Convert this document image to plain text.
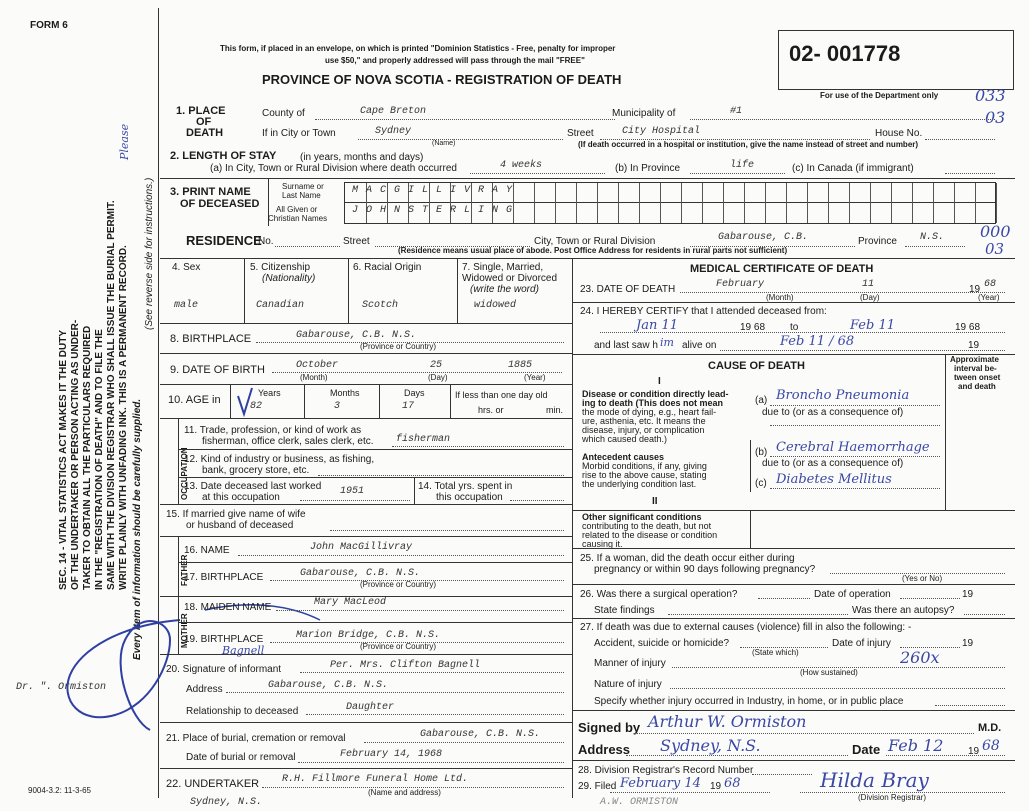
FORM 6
This form, if placed in an envelope, on which is printed "Dominion Statistics - Free, penalty for improper
use $50," and properly addressed will pass through the mail "FREE"
PROVINCE OF NOVA SCOTIA - REGISTRATION OF DEATH
02- 001778
For use of the Department only 033
03
SEC. 14 - VITAL STATISTICS ACT MAKES IT THE DUTY OF THE UNDERTAKER OR PERSON ACTING AS UNDER- TAKER TO OBTAIN ALL THE PARTICULARS REQUIRED IN THE "REGISTRATION OF DEATH" AND TO FILE THE SAME WITH THE DIVISION REGISTRAR WHO SHALL ISSUE THE BURIAL PERMIT. WRITE PLAINLY WITH UNFADING INK. THIS IS A PERMANENT RECORD. Every item of information should be carefully supplied.
(See reverse side for instructions.)
Please
Dr. ". Ormiston
9004-3.2: 11-3-65
1. PLACE
OF
DEATH
County of	Cape Breton	Municipality of	#1
If in City or Town	Sydney
(Name)
Street	City Hospital	House No.
(If death occurred in a hospital or institution, give the name instead of street and number)
2. LENGTH OF STAY (in years, months and days)
(a) In City, Town or Rural Division where death occurred	4 weeks	(b) In Province	life	(c) In Canada (if immigrant)
3. PRINT NAME
OF DECEASED
Surname or
Last Name
All Given or
Christian Names
M A C G I L L I V R A Y
J O H N S T E R L I N G
RESIDENCE
No.	Street	City, Town or Rural Division	Gabarouse, C.B.	Province N.S.
(Residence means usual place of abode. Post Office Address for residents in rural parts not sufficient)
000
03
4. Sex
male
5. Citizenship
(Nationality)
Canadian
6. Racial Origin
Scotch
7. Single, Married,
Widowed or Divorced
(write the word)
widowed
8. BIRTHPLACE	Gabarouse, C.B. N.S.
(Province or Country)
9. DATE OF BIRTH	October	25	1885
(Month)	(Day)	(Year)
10. AGE in
Years	Months	Days
82	3	17
If less than one day old
hrs. or	min.
OCCUPATION
11. Trade, profession, or kind of work as
fisherman, office clerk, sales clerk, etc. fisherman
12. Kind of industry or business, as fishing,
bank, grocery store, etc.
13. Date deceased last worked
at this occupation
1951	14. Total yrs. spent in
this occupation
15. If married give name of wife
or husband of deceased
FATHER
16. NAME	John MacGillivray
17. BIRTHPLACE	Gabarouse, C.B. N.S.
(Province or Country)
MOTHER
18. MAIDEN NAME	Mary MacLeod
19. BIRTHPLACE	Marion Bridge, C.B. N.S.
(Province or Country)
Bagnell
20. Signature of informant	Per. Mrs. Clifton Bagnell
Address	Gabarouse, C.B. N.S.
Relationship to deceased	Daughter
21. Place of burial, cremation or removal	Gabarouse, C.B. N.S.
Date of burial or removal	February 14, 1968
22. UNDERTAKER R.H. Fillmore Funeral Home Ltd.
(Name and address)
Sydney, N.S.
MEDICAL CERTIFICATE OF DEATH
23. DATE OF DEATH	February	11	19 68
(Month)	(Day)	(Year)
24. I HEREBY CERTIFY that I attended deceased from:
Jan 11	19 68 to	Feb 11	19 68
and last saw h im alive on	Feb 11 / 68	19
CAUSE OF DEATH
Approximate
interval be-
tween onset
and death
I
Disease or condition directly lead-
ing to death (This does not mean
the mode of dying, e.g., heart fail-
ure, asthenia, etc. It means the
disease, injury, or complication
which caused death.)
(a) Broncho Pneumonia
due to (or as a consequence of)
Antecedent causes
Morbid conditions, if any, giving
rise to the above cause, stating
the underlying condition last.
(b) Cerebral Haemorrhage
due to (or as a consequence of)
(c) Diabetes Mellitus
II
Other significant conditions
contributing to the death, but not
related to the disease or condition
causing it.
25. If a woman, did the death occur either during
pregnancy or within 90 days following pregnancy?
(Yes or No)
26. Was there a surgical operation?	Date of operation	19
State findings	Was there an autopsy?
27. If death was due to external causes (violence) fill in also the following: -
Accident, suicide or homicide?
(State which)
Date of injury	19
Manner of injury
(How sustained)
260x
Nature of injury
Specify whether injury occurred in Industry, in home, or in public place
Signed by Arthur W. Ormiston	M.D.
Address Sydney, N.S.	Date Feb 12 19 68
28. Division Registrar's Record Number
29. Filed February 14 19 68	Hilda Bray
(Division Registrar)
A.W. ORMISTON
